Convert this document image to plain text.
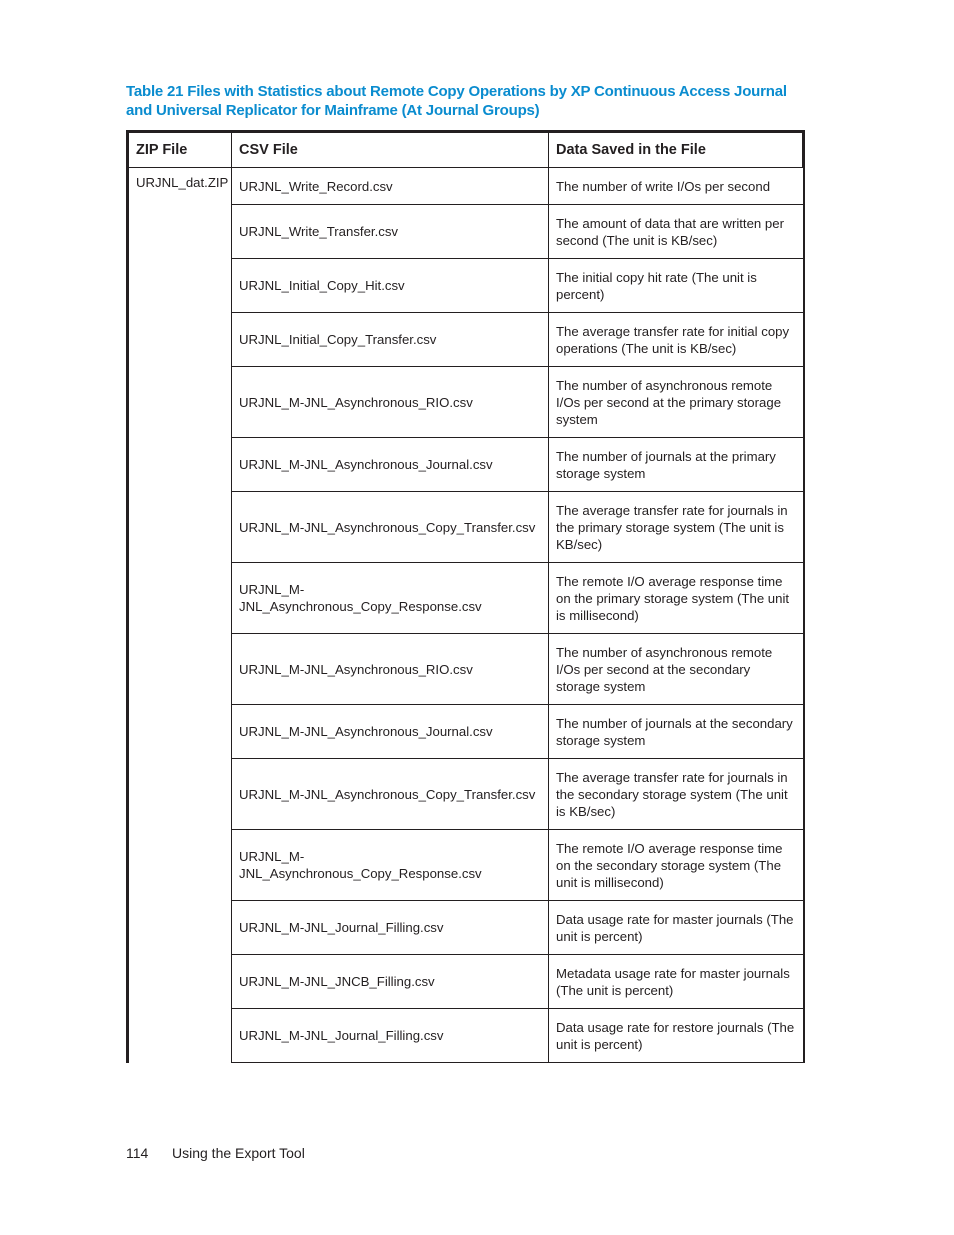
Table 21 Files with Statistics about Remote Copy Operations by XP Continuous Access Journal and Universal Replicator for Mainframe (At Journal Groups)
ZIP File	CSV File	Data Saved in the File
URJNL_dat.ZIP	URJNL_Write_Record.csv	The number of write I/Os per second
	URJNL_Write_Transfer.csv	The amount of data that are written per second (The unit is KB/sec)
	URJNL_Initial_Copy_Hit.csv	The initial copy hit rate (The unit is percent)
	URJNL_Initial_Copy_Transfer.csv	The average transfer rate for initial copy operations (The unit is KB/sec)
	URJNL_M-JNL_Asynchronous_RIO.csv	The number of asynchronous remote I/Os per second at the primary storage system
	URJNL_M-JNL_Asynchronous_Journal.csv	The number of journals at the primary storage system
	URJNL_M-JNL_Asynchronous_Copy_Transfer.csv	The average transfer rate for journals in the primary storage system (The unit is KB/sec)
	URJNL_M-JNL_Asynchronous_Copy_Response.csv	The remote I/O average response time on the primary storage system (The unit is millisecond)
	URJNL_M-JNL_Asynchronous_RIO.csv	The number of asynchronous remote I/Os per second at the secondary storage system
	URJNL_M-JNL_Asynchronous_Journal.csv	The number of journals at the secondary storage system
	URJNL_M-JNL_Asynchronous_Copy_Transfer.csv	The average transfer rate for journals in the secondary storage system (The unit is KB/sec)
	URJNL_M-JNL_Asynchronous_Copy_Response.csv	The remote I/O average response time on the secondary storage system (The unit is millisecond)
	URJNL_M-JNL_Journal_Filling.csv	Data usage rate for master journals (The unit is percent)
	URJNL_M-JNL_JNCB_Filling.csv	Metadata usage rate for master journals (The unit is percent)
	URJNL_M-JNL_Journal_Filling.csv	Data usage rate for restore journals (The unit is percent)
114 Using the Export Tool
